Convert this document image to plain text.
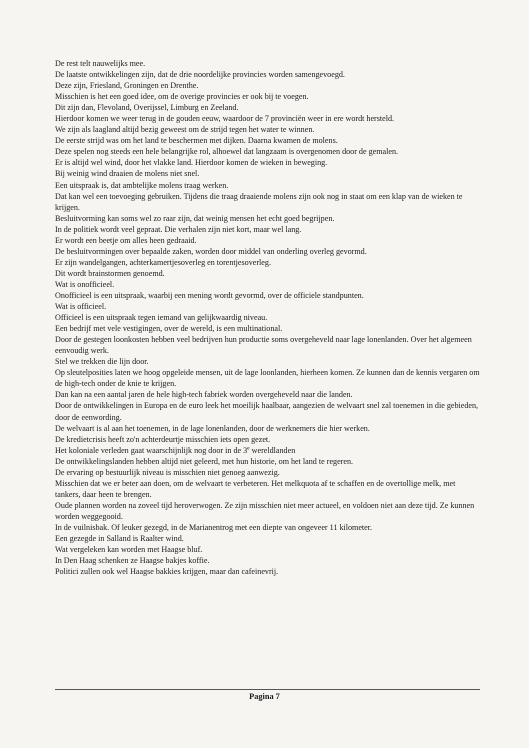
De rest telt nauwelijks mee.

De laatste ontwikkelingen zijn, dat de drie noordelijke provincies worden samengevoegd.

Deze zijn, Friesland, Groningen en Drenthe.

Misschien is het een goed idee, om de overige provincies er ook bij te voegen.

Dit zijn dan, Flevoland, Overijssel, Limburg en Zeeland.

Hierdoor komen we weer terug in de gouden eeuw, waardoor de 7 provinciën weer in ere wordt hersteld.

We zijn als laagland altijd bezig geweest om de strijd tegen het water te winnen.

De eerste strijd was om het land te beschermen met dijken. Daarna kwamen de molens.

Deze spelen nog steeds een hele belangrijke rol, alhoewel dat langzaam is overgenomen door de gemalen.

Er is altijd wel wind, door het vlakke land. Hierdoor komen de wieken in beweging.

Bij weinig wind draaien de molens niet snel.

Een uitspraak is, dat ambtelijke molens traag werken.

Dat kan wel een toevoeging gebruiken. Tijdens die traag draaiende molens zijn ook nog in staat om een klap van de wieken te krijgen.

Besluitvorming kan soms wel zo raar zijn, dat weinig mensen het echt goed begrijpen.

In de politiek wordt veel gepraat. Die verhalen zijn niet kort, maar wel lang.

Er wordt een beetje om alles heen gedraaid.

De besluitvormingen over bepaalde zaken, worden door middel van onderling overleg gevormd.

Er zijn wandelgangen, achterkamertjesoverleg en torentjesoverleg.

Dit wordt brainstormen genoemd.

Wat is onofficieel.

Onofficieel is een uitspraak, waarbij een mening wordt gevormd, over de officiele standpunten.

Wat is officieel.

Officieel is een uitspraak tegen iemand van gelijkwaardig niveau.

Een bedrijf met vele vestigingen, over de wereld, is een multinational.

Door de gestegen loonkosten hebben veel bedrijven hun productie soms overgeheveld naar lage lonenlanden. Over het algemeen eenvoudig werk.

Stel we trekken die lijn door.

Op sleutelposities laten we hoog opgeleide mensen, uit de lage loonlanden, hierheen komen. Ze kunnen dan de kennis vergaren om de high-tech onder de knie te krijgen.

Dan kan na een aantal jaren de hele high-tech fabriek worden overgeheveld naar die landen.

Door de ontwikkelingen in Europa en de euro leek het moeilijk haalbaar, aangezien de welvaart snel zal toenemen in die gebieden, door de eenwording.

De welvaart is al aan het toenemen, in de lage lonenlanden, door de werknemers die hier werken.

De kredietcrisis heeft zo'n achterdeurtje misschien iets open gezet.

Het koloniale verleden gaat waarschijnlijk nog door in de 3e wereldlanden

De ontwikkelingslanden hebben altijd niet geleerd, met hun historie, om het land te regeren.

De ervaring op bestuurlijk niveau is misschien niet genoeg aanwezig.

Misschien dat we er beter aan doen, om de welvaart te verbeteren. Het melkquota af te schaffen en de overtollige melk, met tankers, daar heen te brengen.

Oude plannen worden na zoveel tijd heroverwogen. Ze zijn misschien niet meer actueel, en voldoen niet aan deze tijd. Ze kunnen worden weggegooid.

In de vuilnisbak. Of leuker gezegd, in de Marianentrog met een diepte van ongeveer 11 kilometer.

Een gezegde in Salland is Raalter wind.

Wat vergeleken kan worden met Haagse bluf.

In Den Haag schenken ze Haagse bakjes koffie.

Politici zullen ook wel Haagse bakkies krijgen, maar dan cafeinevrij.

Pagina 7
